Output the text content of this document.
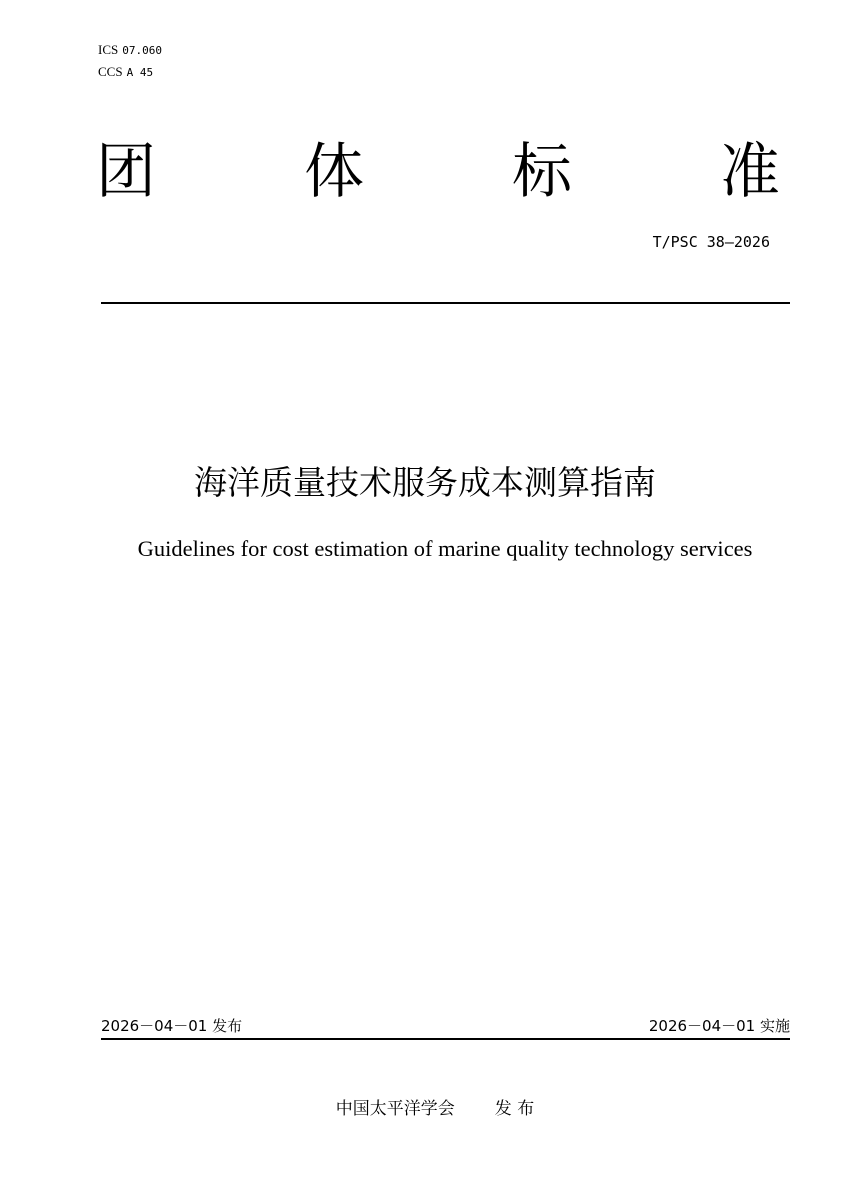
ICS 07.060
CCS A 45
团 体 标 准
T/PSC 38—2026
海洋质量技术服务成本测算指南
Guidelines for cost estimation of marine quality technology services
2026－04－01 发布	2026－04－01 实施
中国太平洋学会 发 布
